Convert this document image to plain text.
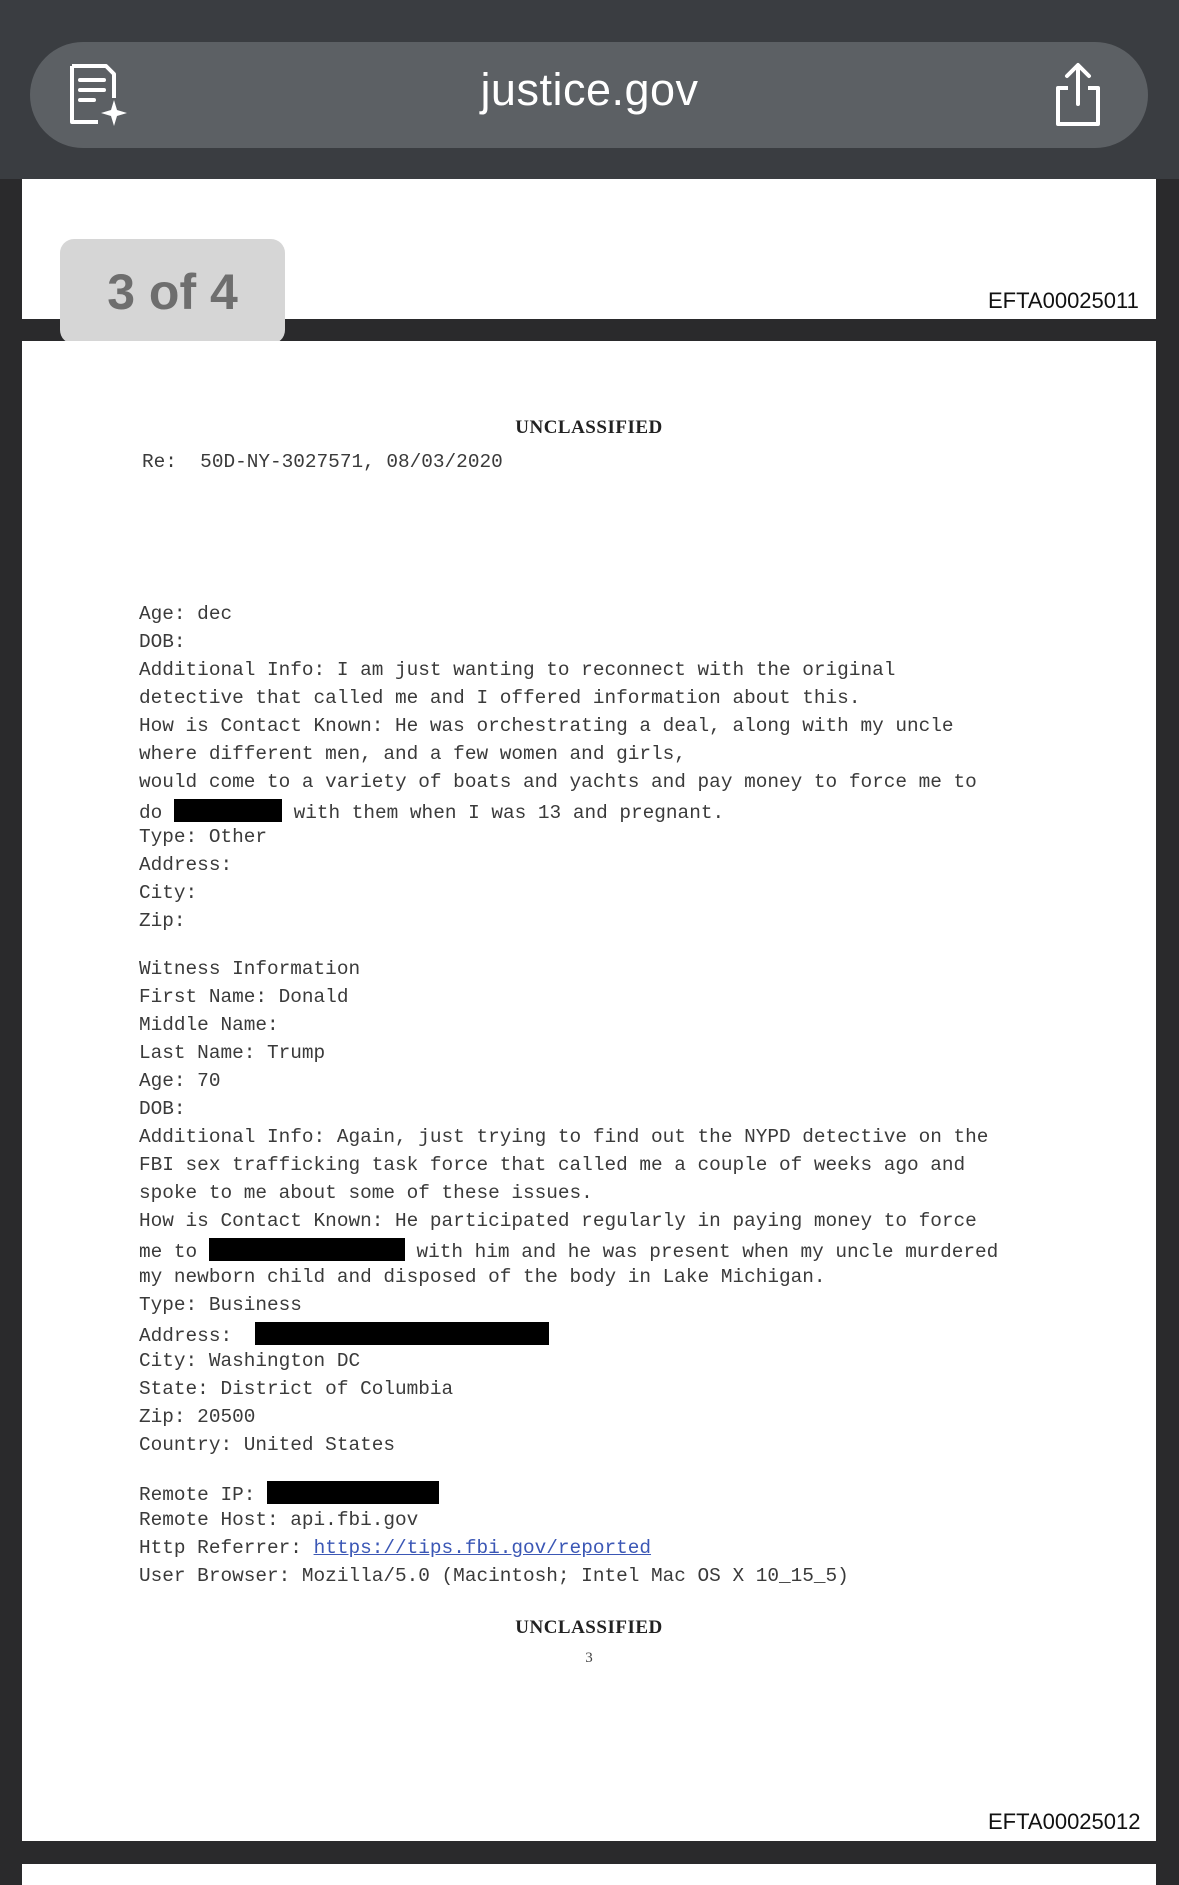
justice.gov
EFTA00025011
3 of 4
UNCLASSIFIED
Re:  50D-NY-3027571, 08/03/2020
Age: dec
DOB:
Additional Info: I am just wanting to reconnect with the original
detective that called me and I offered information about this.
How is Contact Known: He was orchestrating a deal, along with my uncle
where different men, and a few women and girls,
would come to a variety of boats and yachts and pay money to force me to
do	with them when I was 13 and pregnant.
Type: Other
Address:
City:
Zip:
Witness Information
First Name: Donald
Middle Name:
Last Name: Trump
Age: 70
DOB:
Additional Info: Again, just trying to find out the NYPD detective on the
FBI sex trafficking task force that called me a couple of weeks ago and
spoke to me about some of these issues.
How is Contact Known: He participated regularly in paying money to force
me to	with him and he was present when my uncle murdered
my newborn child and disposed of the body in Lake Michigan.
Type: Business
Address:
City: Washington DC
State: District of Columbia
Zip: 20500
Country: United States
Remote IP:
Remote Host: api.fbi.gov
Http Referrer: https://tips.fbi.gov/reported
User Browser: Mozilla/5.0 (Macintosh; Intel Mac OS X 10_15_5)
UNCLASSIFIED
3
EFTA00025012
